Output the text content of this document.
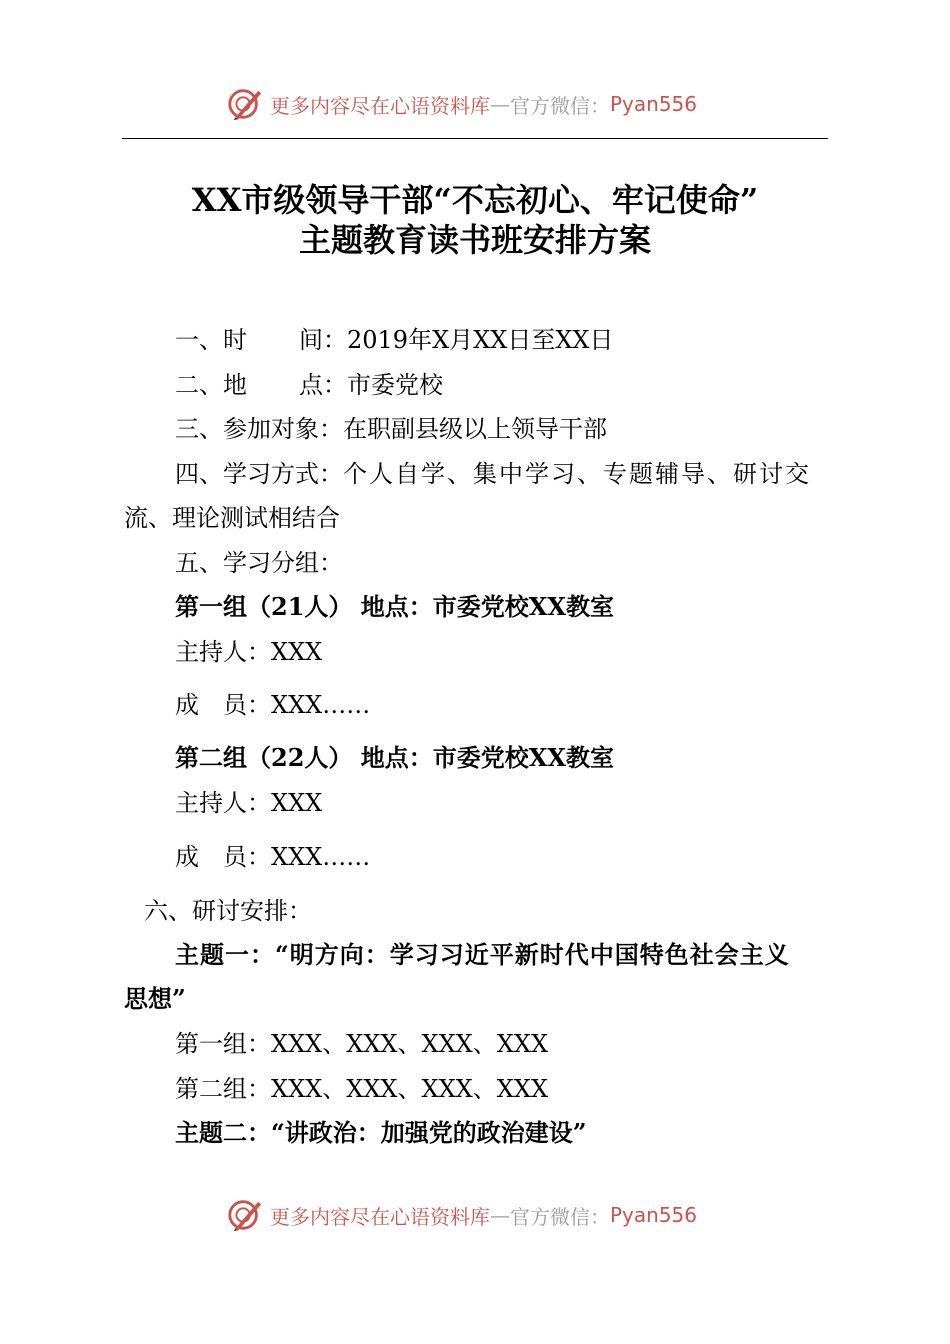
更多内容尽在心语资料库 — 官方微信： Pyan556
XX市级领导干部“不忘初心、牢记使命”
主题教育读书班安排方案
一、时 间：2019年X月XX日至XX日
二、地 点：市委党校
三、参加对象：在职副县级以上领导干部
四、学习方式：个人自学、集中学习、专题辅导、研讨交
流、理论测试相结合
五、学习分组：
第一组（21人） 地点：市委党校XX教室
主持人：XXX
成 员：XXX……
第二组（22人） 地点：市委党校XX教室
主持人：XXX
成 员：XXX……
六、研讨安排：
主题一：“明方向：学习习近平新时代中国特色社会主义
思想”
第一组：XXX、XXX、XXX、XXX
第二组：XXX、XXX、XXX、XXX
主题二：“讲政治：加强党的政治建设”
更多内容尽在心语资料库 — 官方微信： Pyan556
